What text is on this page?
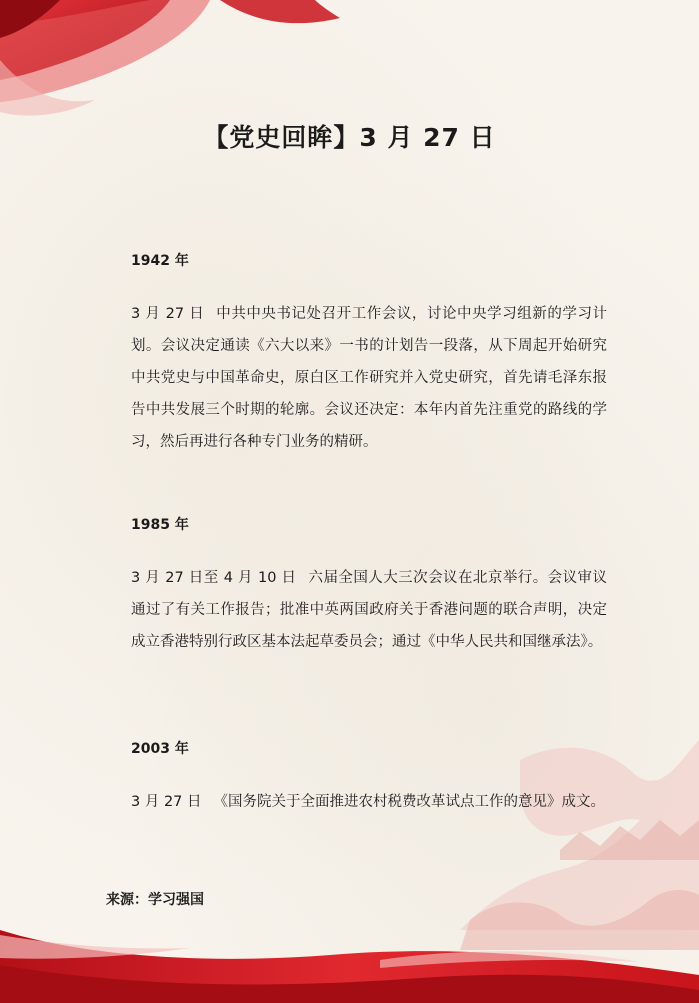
【党史回眸】3 月 27 日
1942 年
3 月 27 日 中共中央书记处召开工作会议，讨论中央学习组新的学习计划。会议决定通读《六大以来》一书的计划告一段落，从下周起开始研究中共党史与中国革命史，原白区工作研究并入党史研究，首先请毛泽东报告中共发展三个时期的轮廓。会议还决定：本年内首先注重党的路线的学习，然后再进行各种专门业务的精研。
1985 年
3 月 27 日至 4 月 10 日 六届全国人大三次会议在北京举行。会议审议通过了有关工作报告；批准中英两国政府关于香港问题的联合声明，决定成立香港特别行政区基本法起草委员会；通过《中华人民共和国继承法》。
2003 年
3 月 27 日 《国务院关于全面推进农村税费改革试点工作的意见》成文。
来源：学习强国
